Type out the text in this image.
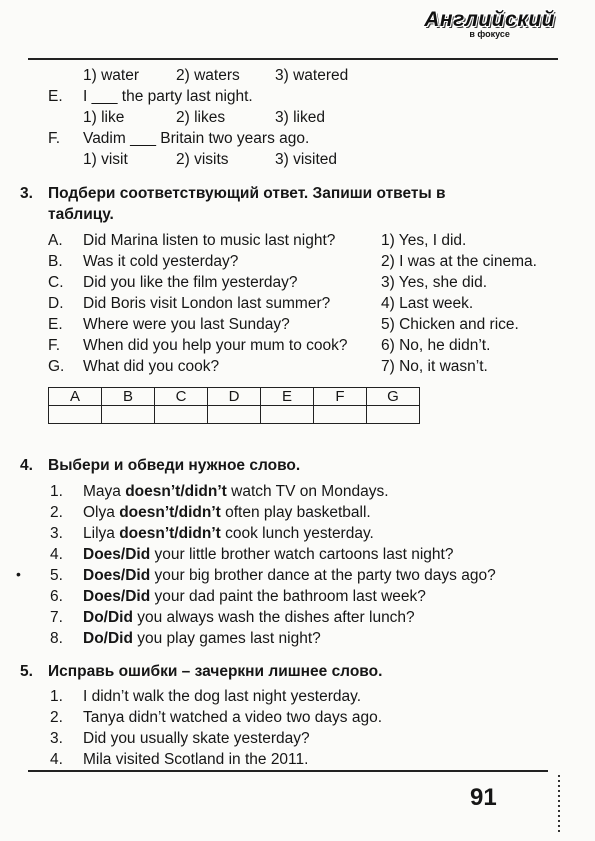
Английский
в фокусе
1) water 2) waters 3) watered
E. I ___ the party last night.
1) like	2) likes	3) liked
F. Vadim ___ Britain two years ago.
1) visit	2) visits	3) visited
3. Подбери соответствующий ответ. Запиши ответы в
таблицу.
A. Did Marina listen to music last night?	1) Yes, I did.
B. Was it cold yesterday?	2) I was at the cinema.
C. Did you like the film yesterday?	3) Yes, she did.
D. Did Boris visit London last summer?	4) Last week.
E. Where were you last Sunday?	5) Chicken and rice.
F. When did you help your mum to cook? 6) No, he didn’t.
G. What did you cook?	7) No, it wasn’t.
A	B	C	D	E	F	G

4. Выбери и обведи нужное слово.
1. Maya doesn’t/didn’t watch TV on Mondays.
2. Olya doesn’t/didn’t often play basketball.
3. Lilya doesn’t/didn’t cook lunch yesterday.
4. Does/Did your little brother watch cartoons last night?
5. Does/Did your big brother dance at the party two days ago?
6. Does/Did your dad paint the bathroom last week?
7. Do/Did you always wash the dishes after lunch?
8. Do/Did you play games last night?
•
5. Исправь ошибки – зачеркни лишнее слово.
1. I didn’t walk the dog last night yesterday.
2. Tanya didn’t watched a video two days ago.
3. Did you usually skate yesterday?
4. Mila visited Scotland in the 2011.
91
